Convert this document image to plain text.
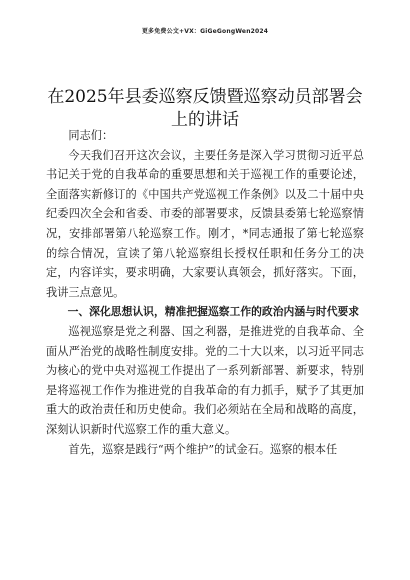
更多免费公文+VX：GiGeGongWen2024
在2025年县委巡察反馈暨巡察动员部署会上的讲话

同志们：

今天我们召开这次会议，主要任务是深入学习贯彻习近平总书记关于党的自我革命的重要思想和关于巡视工作的重要论述，全面落实新修订的《中国共产党巡视工作条例》以及二十届中央纪委四次全会和省委、市委的部署要求，反馈县委第七轮巡察情况，安排部署第八轮巡察工作。刚才，*同志通报了第七轮巡察的综合情况，宣读了第八轮巡察组长授权任职和任务分工的决定，内容详实，要求明确，大家要认真领会，抓好落实。下面，我讲三点意见。

一、深化思想认识，精准把握巡察工作的政治内涵与时代要求

巡视巡察是党之利器、国之利器，是推进党的自我革命、全面从严治党的战略性制度安排。党的二十大以来，以习近平同志为核心的党中央对巡视工作提出了一系列新部署、新要求，特别是将巡视工作作为推进党的自我革命的有力抓手，赋予了其更加重大的政治责任和历史使命。我们必须站在全局和战略的高度，深刻认识新时代巡察工作的重大意义。

首先，巡察是践行“两个维护”的试金石。巡察的根本任
